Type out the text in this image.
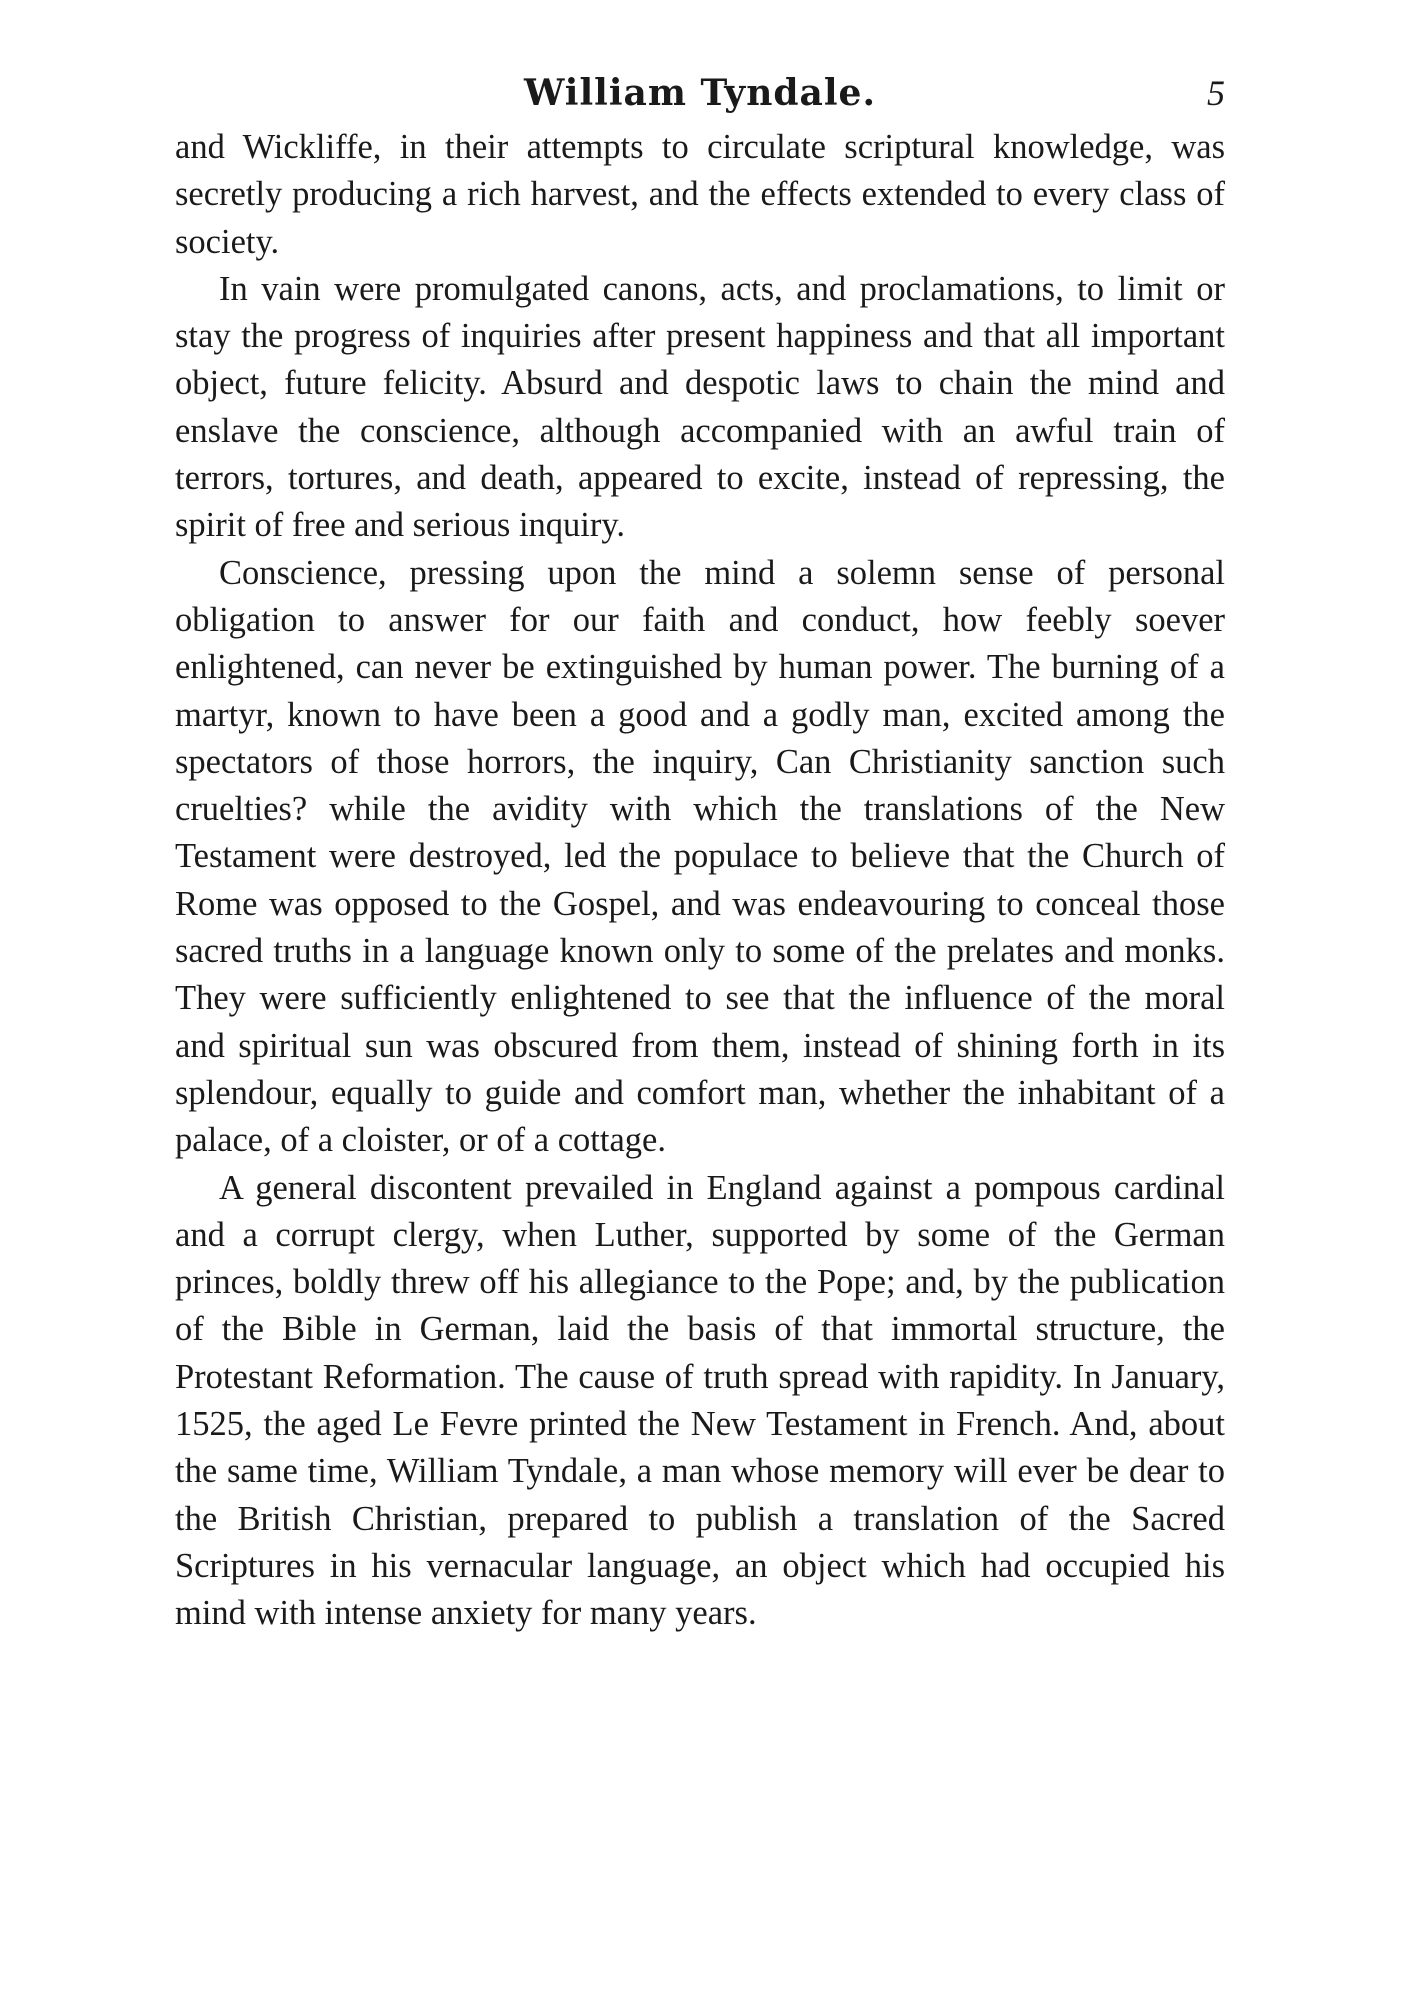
William Tyndale.	5

and Wickliffe, in their attempts to circulate scriptural knowledge, was secretly producing a rich harvest, and the effects extended to every class of society.

In vain were promulgated canons, acts, and proclamations, to limit or stay the progress of inquiries after present happiness and that all important object, future felicity. Absurd and despotic laws to chain the mind and enslave the conscience, although accompanied with an awful train of terrors, tortures, and death, appeared to excite, instead of repressing, the spirit of free and serious inquiry.

Conscience, pressing upon the mind a solemn sense of personal obligation to answer for our faith and conduct, how feebly soever enlightened, can never be extinguished by human power. The burning of a martyr, known to have been a good and a godly man, excited among the spectators of those horrors, the inquiry, Can Christianity sanction such cruelties? while the avidity with which the translations of the New Testament were destroyed, led the populace to believe that the Church of Rome was opposed to the Gospel, and was endeavouring to conceal those sacred truths in a language known only to some of the prelates and monks. They were sufficiently enlightened to see that the influence of the moral and spiritual sun was obscured from them, instead of shining forth in its splendour, equally to guide and comfort man, whether the inhabitant of a palace, of a cloister, or of a cottage.

A general discontent prevailed in England against a pompous cardinal and a corrupt clergy, when Luther, supported by some of the German princes, boldly threw off his allegiance to the Pope; and, by the publication of the Bible in German, laid the basis of that immortal structure, the Protestant Reformation. The cause of truth spread with rapidity. In January, 1525, the aged Le Fevre printed the New Testament in French. And, about the same time, William Tyndale, a man whose memory will ever be dear to the British Christian, prepared to publish a translation of the Sacred Scriptures in his vernacular language, an object which had occupied his mind with intense anxiety for many years.
